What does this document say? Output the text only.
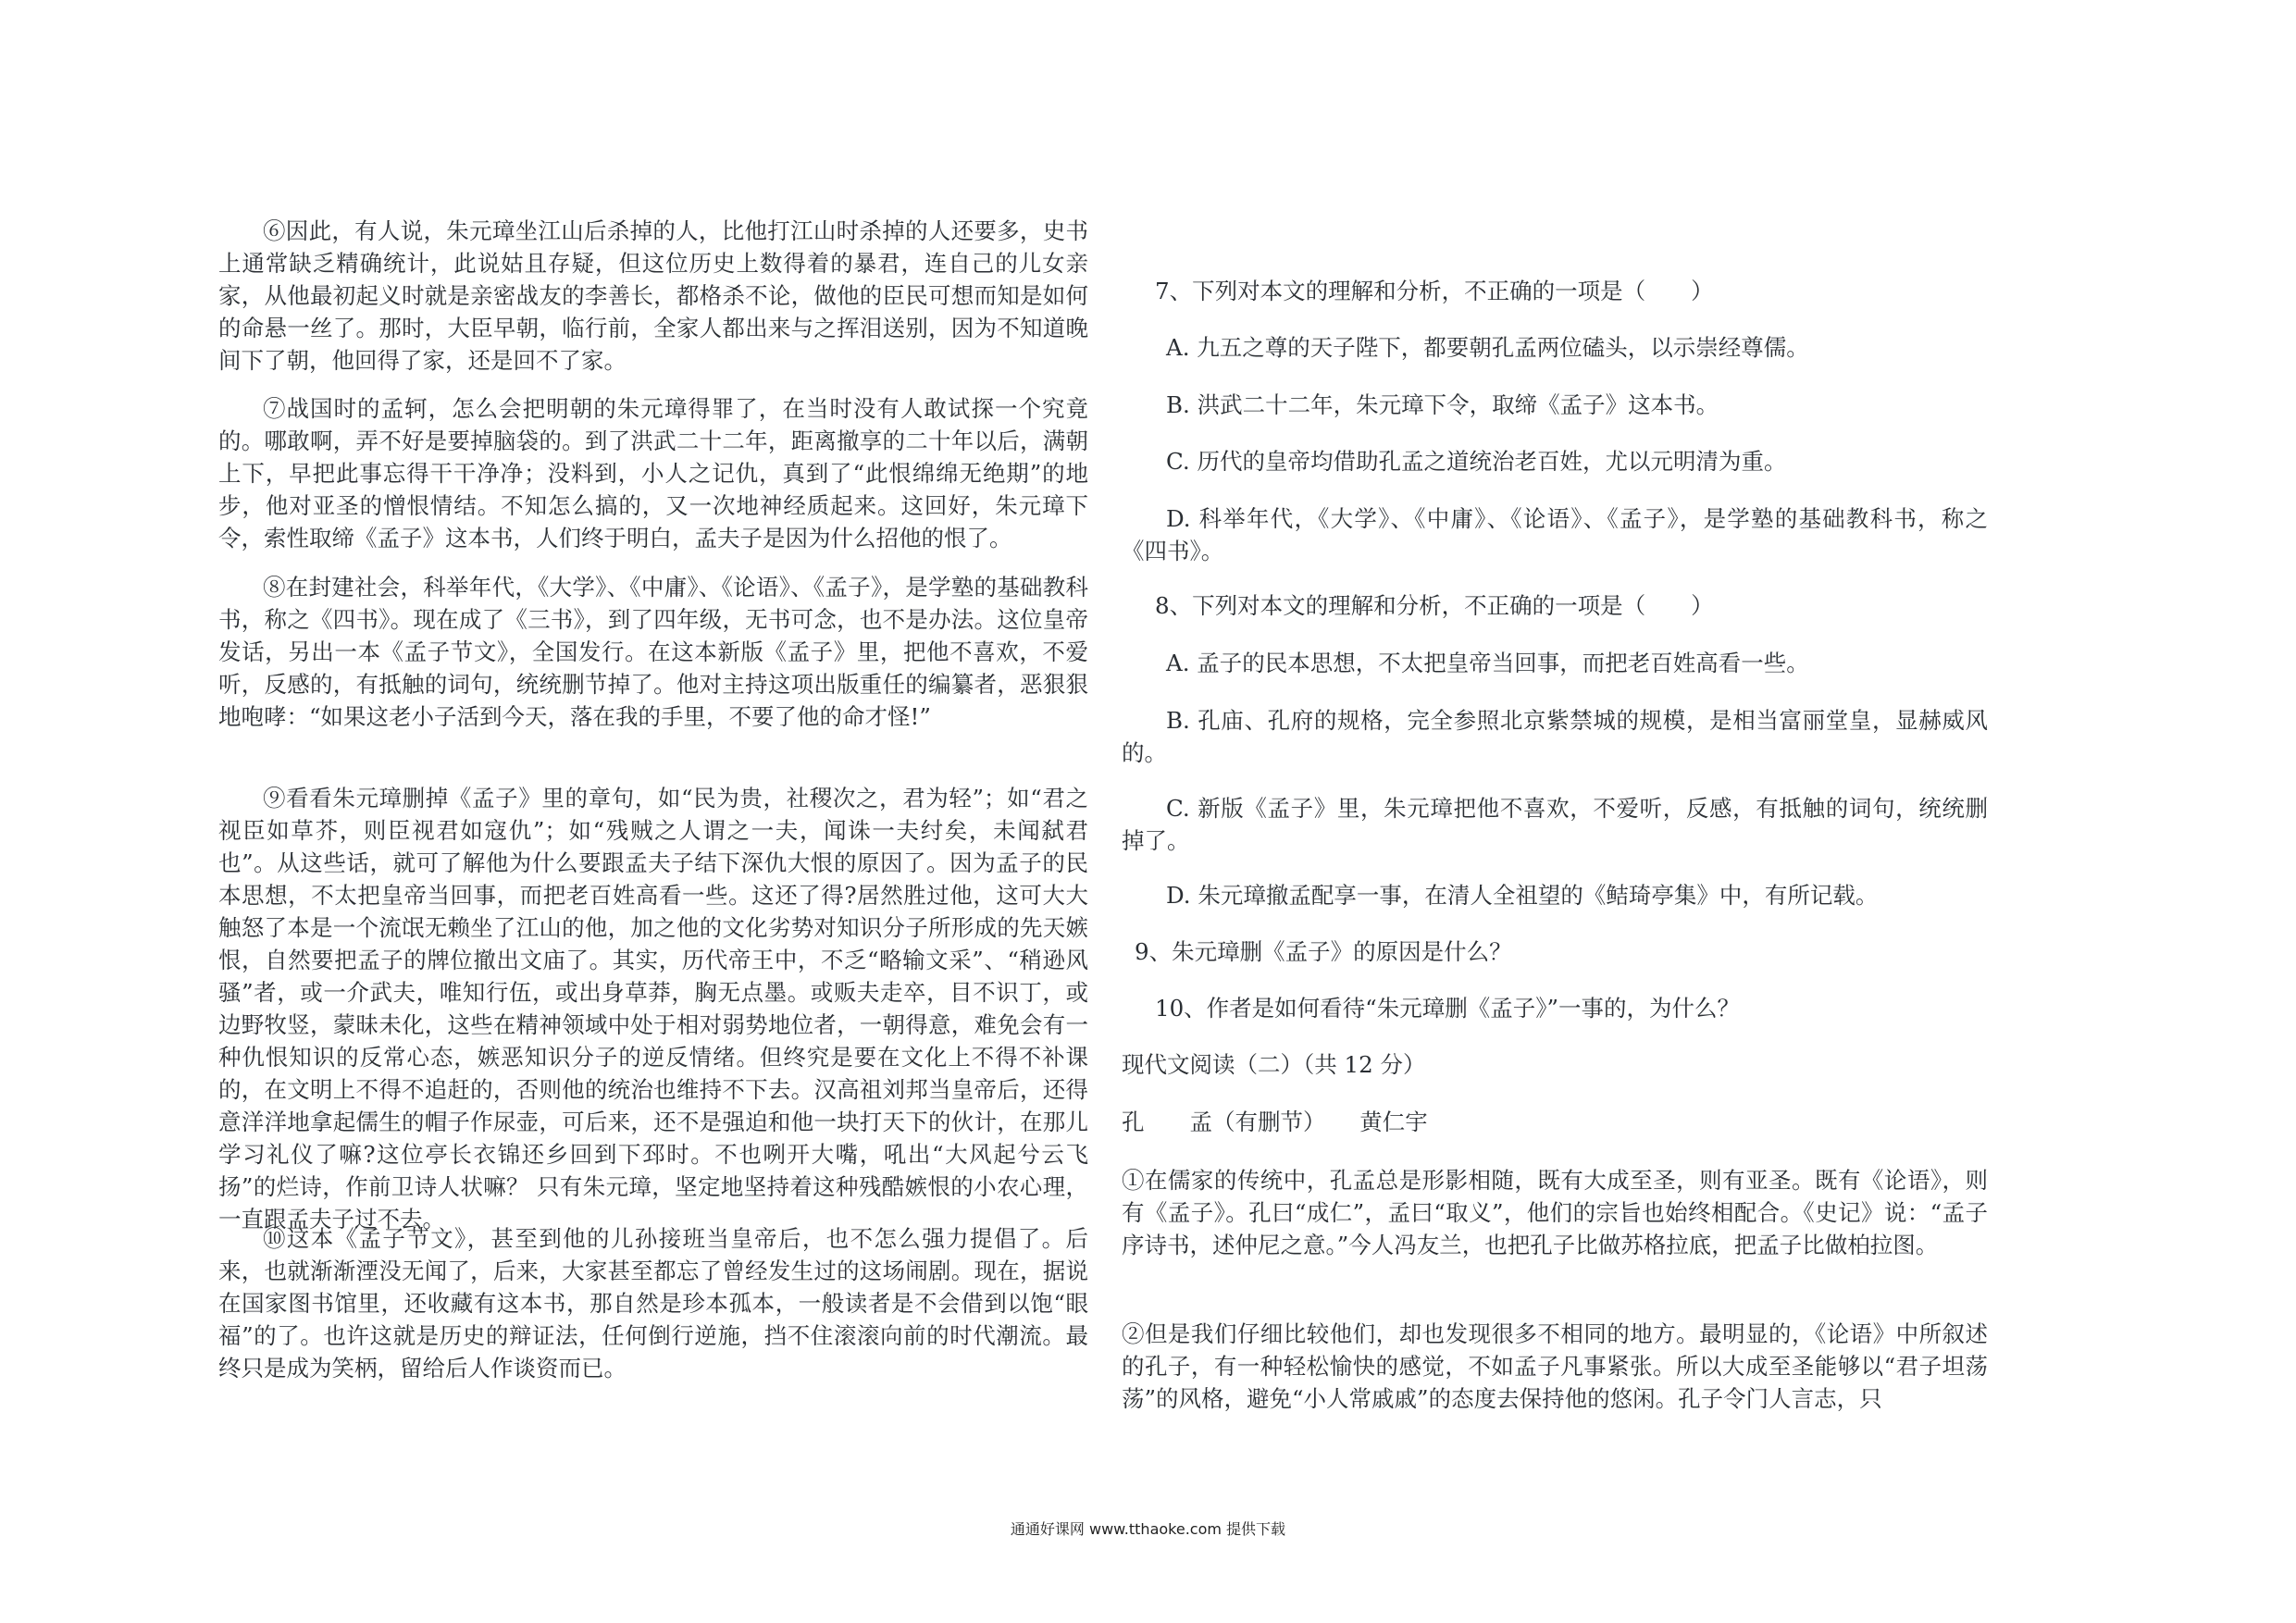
⑥因此，有人说，朱元璋坐江山后杀掉的人，比他打江山时杀掉的人还要多，史书上通常缺乏精确统计，此说姑且存疑，但这位历史上数得着的暴君，连自己的儿女亲家，从他最初起义时就是亲密战友的李善长，都格杀不论，做他的臣民可想而知是如何的命悬一丝了。那时，大臣早朝，临行前，全家人都出来与之挥泪送别，因为不知道晚间下了朝，他回得了家，还是回不了家。

⑦战国时的孟轲，怎么会把明朝的朱元璋得罪了，在当时没有人敢试探一个究竟的。哪敢啊，弄不好是要掉脑袋的。到了洪武二十二年，距离撤享的二十年以后，满朝上下，早把此事忘得干干净净；没料到，小人之记仇，真到了“此恨绵绵无绝期”的地步，他对亚圣的憎恨情结。不知怎么搞的，又一次地神经质起来。这回好，朱元璋下令，索性取缔《孟子》这本书，人们终于明白，孟夫子是因为什么招他的恨了。

⑧在封建社会，科举年代，《大学》、《中庸》、《论语》、《孟子》，是学塾的基础教科书，称之《四书》。现在成了《三书》，到了四年级，无书可念，也不是办法。这位皇帝发话，另出一本《孟子节文》，全国发行。在这本新版《孟子》里，把他不喜欢，不爱听，反感的，有抵触的词句，统统删节掉了。他对主持这项出版重任的编纂者，恶狠狠地咆哮：“如果这老小子活到今天，落在我的手里，不要了他的命才怪!”

⑨看看朱元璋删掉《孟子》里的章句，如“民为贵，社稷次之，君为轻”；如“君之视臣如草芥，则臣视君如寇仇”；如“残贼之人谓之一夫，闻诛一夫纣矣，未闻弑君也”。从这些话，就可了解他为什么要跟孟夫子结下深仇大恨的原因了。因为孟子的民本思想，不太把皇帝当回事，而把老百姓高看一些。这还了得?居然胜过他，这可大大触怒了本是一个流氓无赖坐了江山的他，加之他的文化劣势对知识分子所形成的先天嫉恨，自然要把孟子的牌位撤出文庙了。其实，历代帝王中，不乏“略输文采”、“稍逊风骚”者，或一介武夫，唯知行伍，或出身草莽，胸无点墨。或贩夫走卒，目不识丁，或边野牧竖，蒙昧未化，这些在精神领域中处于相对弱势地位者，一朝得意，难免会有一种仇恨知识的反常心态，嫉恶知识分子的逆反情绪。但终究是要在文化上不得不补课的，在文明上不得不追赶的，否则他的统治也维持不下去。汉高祖刘邦当皇帝后，还得意洋洋地拿起儒生的帽子作尿壶，可后来，还不是强迫和他一块打天下的伙计，在那儿学习礼仪了嘛?这位亭长衣锦还乡回到下邳时。不也咧开大嘴，吼出“大风起兮云飞扬”的烂诗，作前卫诗人状嘛？ 只有朱元璋，坚定地坚持着这种残酷嫉恨的小农心理，一直跟孟夫子过不去。

⑩这本《孟子节文》，甚至到他的儿孙接班当皇帝后，也不怎么强力提倡了。后来，也就渐渐湮没无闻了，后来，大家甚至都忘了曾经发生过的这场闹剧。现在，据说在国家图书馆里，还收藏有这本书，那自然是珍本孤本，一般读者是不会借到以饱“眼福”的了。也许这就是历史的辩证法，任何倒行逆施，挡不住滚滚向前的时代潮流。最终只是成为笑柄，留给后人作谈资而已。

7、下列对本文的理解和分析，不正确的一项是（　　）

A. 九五之尊的天子陛下，都要朝孔孟两位磕头，以示崇经尊儒。

B. 洪武二十二年，朱元璋下令，取缔《孟子》这本书。

C. 历代的皇帝均借助孔孟之道统治老百姓，尤以元明清为重。

D. 科举年代，《大学》、《中庸》、《论语》、《孟子》，是学塾的基础教科书，称之《四书》。

8、下列对本文的理解和分析，不正确的一项是（　　）

A. 孟子的民本思想，不太把皇帝当回事，而把老百姓高看一些。

B. 孔庙、孔府的规格，完全参照北京紫禁城的规模，是相当富丽堂皇，显赫威风的。

C. 新版《孟子》里，朱元璋把他不喜欢，不爱听，反感，有抵触的词句，统统删掉了。

D. 朱元璋撤孟配享一事，在清人全祖望的《鲒琦亭集》中，有所记载。

9、朱元璋删《孟子》的原因是什么？

10、作者是如何看待“朱元璋删《孟子》”一事的，为什么？

现代文阅读（二）（共 12 分）

孔　　孟（有删节）　　黄仁宇

①在儒家的传统中，孔孟总是形影相随，既有大成至圣，则有亚圣。既有《论语》，则有《孟子》。孔曰“成仁”，孟曰“取义”，他们的宗旨也始终相配合。《史记》说：“孟子序诗书，述仲尼之意。”今人冯友兰，也把孔子比做苏格拉底，把孟子比做柏拉图。

②但是我们仔细比较他们，却也发现很多不相同的地方。最明显的，《论语》中所叙述的孔子，有一种轻松愉快的感觉，不如孟子凡事紧张。所以大成至圣能够以“君子坦荡荡”的风格，避免“小人常戚戚”的态度去保持他的悠闲。孔子令门人言志，只

通通好课网 www.tthaoke.com 提供下载
